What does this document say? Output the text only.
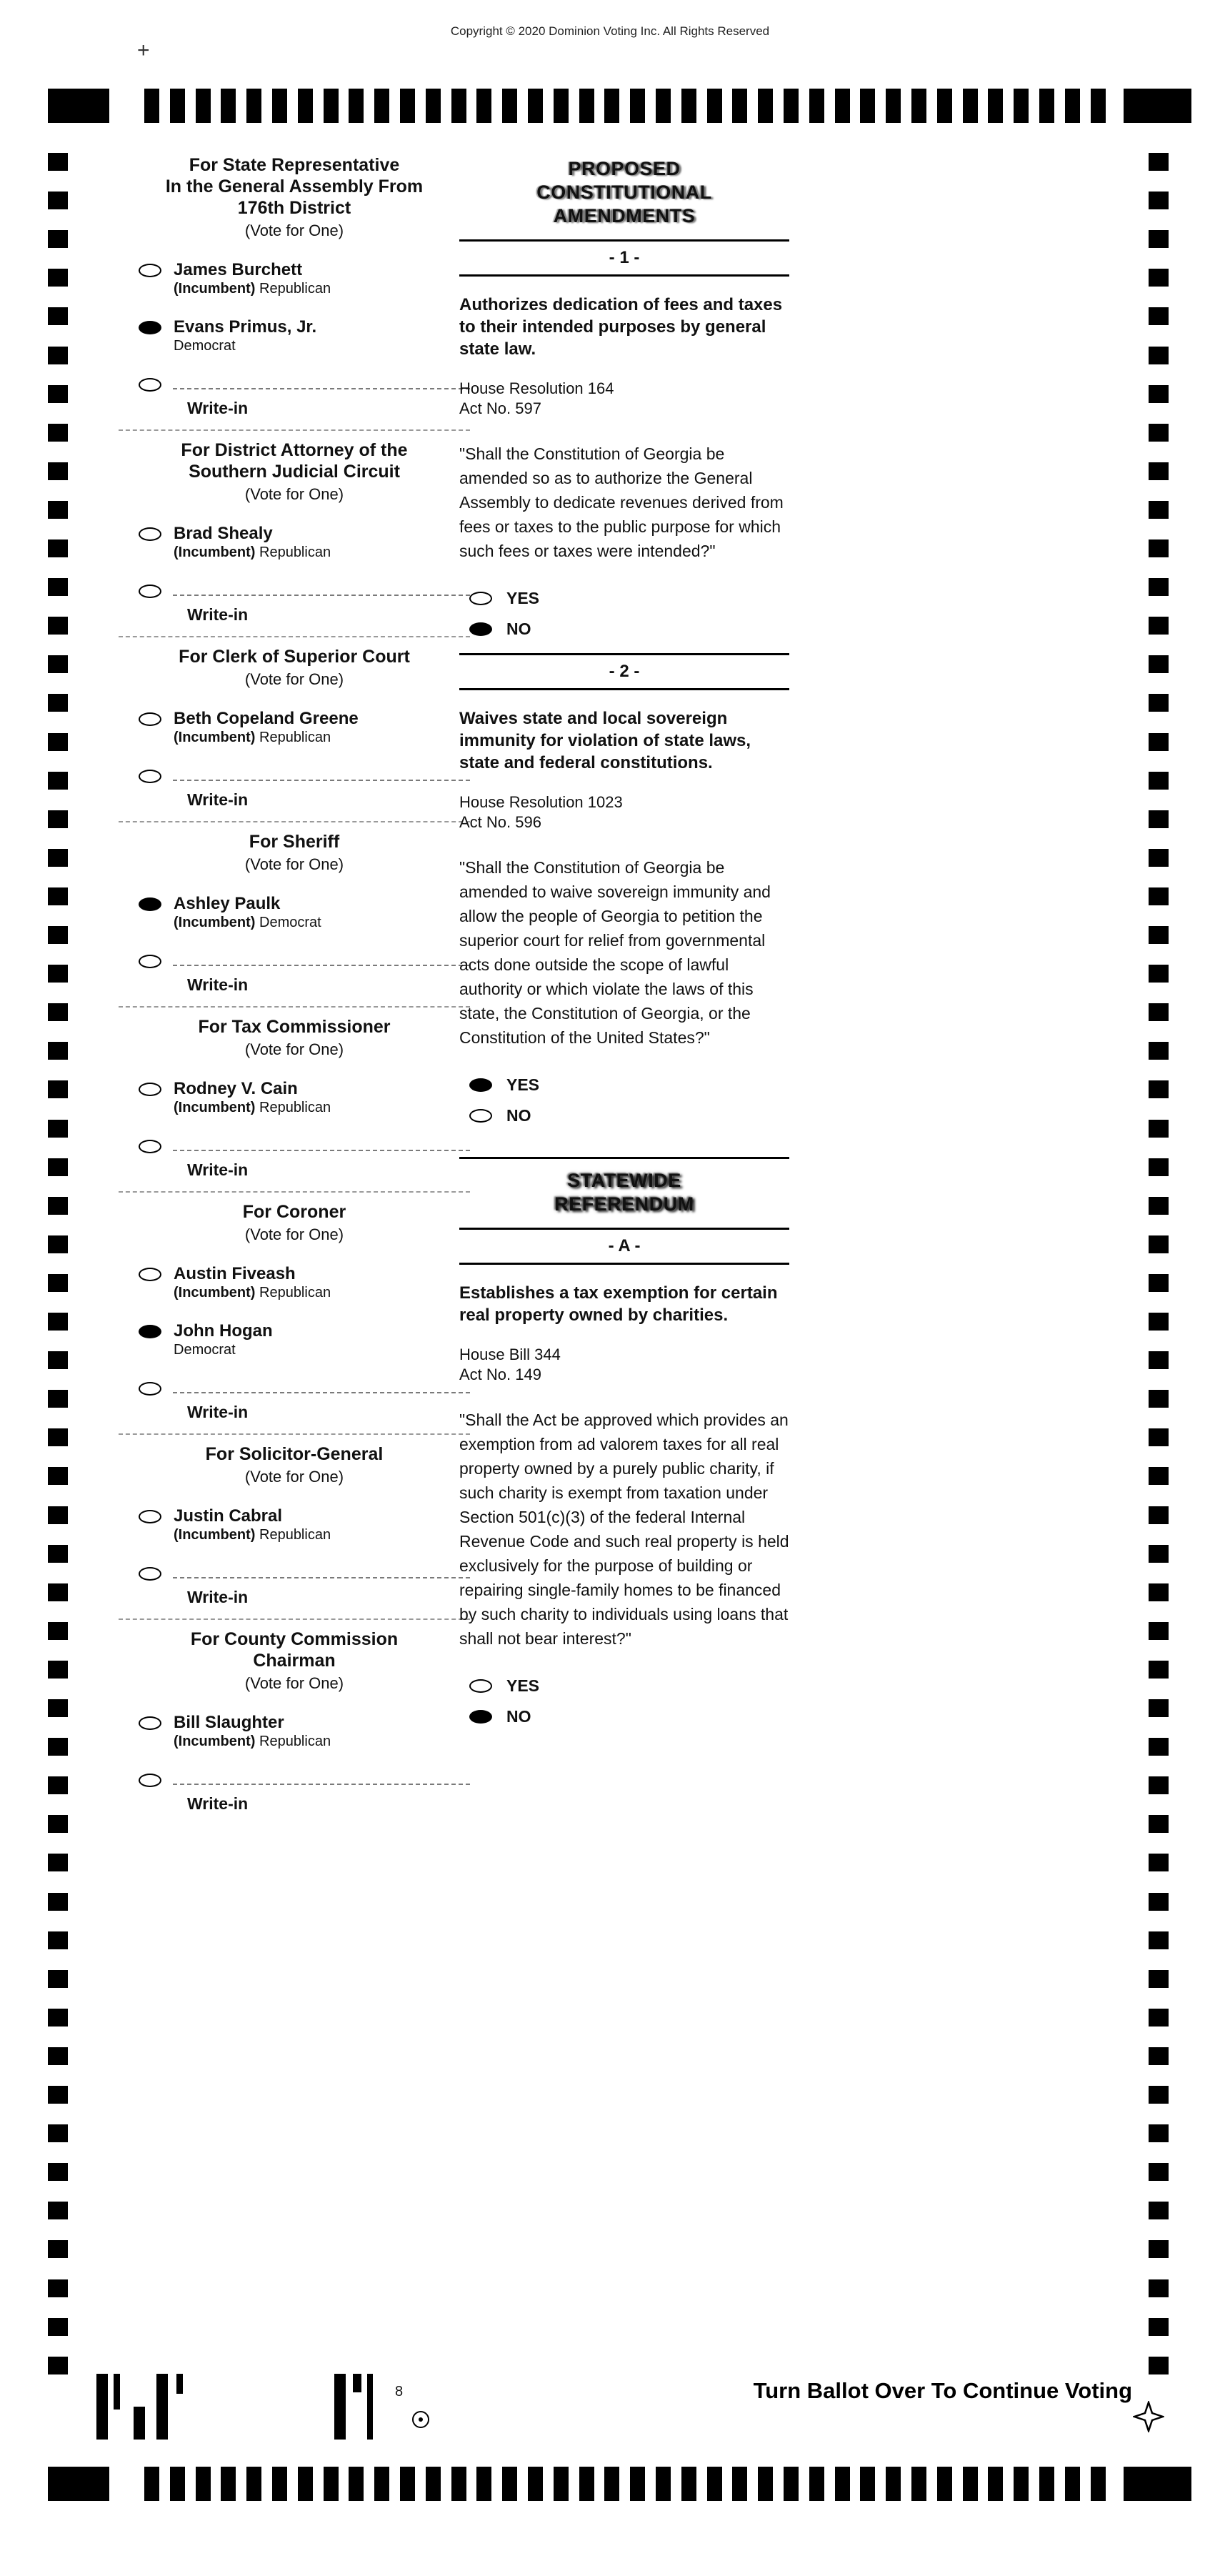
Copyright © 2020 Dominion Voting Inc. All Rights Reserved
+
For State Representative
In the General Assembly From
176th District
(Vote for One)
James Burchett
(Incumbent) Republican
Evans Primus, Jr.
Democrat
Write-in
For District Attorney of the
Southern Judicial Circuit
(Vote for One)
Brad Shealy
(Incumbent) Republican
Write-in
For Clerk of Superior Court
(Vote for One)
Beth Copeland Greene
(Incumbent) Republican
Write-in
For Sheriff
(Vote for One)
Ashley Paulk
(Incumbent) Democrat
Write-in
For Tax Commissioner
(Vote for One)
Rodney V. Cain
(Incumbent) Republican
Write-in
For Coroner
(Vote for One)
Austin Fiveash
(Incumbent) Republican
John Hogan
Democrat
Write-in
For Solicitor-General
(Vote for One)
Justin Cabral
(Incumbent) Republican
Write-in
For County Commission
Chairman
(Vote for One)
Bill Slaughter
(Incumbent) Republican
Write-in
PROPOSED
CONSTITUTIONAL
AMENDMENTS
- 1 -
Authorizes dedication of fees and taxes to their intended purposes by general state law.
House Resolution 164
Act No. 597
"Shall the Constitution of Georgia be amended so as to authorize the General Assembly to dedicate revenues derived from fees or taxes to the public purpose for which such fees or taxes were intended?"
YES
NO
- 2 -
Waives state and local sovereign immunity for violation of state laws, state and federal constitutions.
House Resolution 1023
Act No. 596
"Shall the Constitution of Georgia be amended to waive sovereign immunity and allow the people of Georgia to petition the superior court for relief from governmental acts done outside the scope of lawful authority or which violate the laws of this state, the Constitution of Georgia, or the Constitution of the United States?"
YES
NO
STATEWIDE
REFERENDUM
- A -
Establishes a tax exemption for certain real property owned by charities.
House Bill 344
Act No. 149
"Shall the Act be approved which provides an exemption from ad valorem taxes for all real property owned by a purely public charity, if such charity is exempt from taxation under Section 501(c)(3) of the federal Internal Revenue Code and such real property is held exclusively for the purpose of building or repairing single-family homes to be financed by such charity to individuals using loans that shall not bear interest?"
YES
NO
8	Turn Ballot Over To Continue Voting
